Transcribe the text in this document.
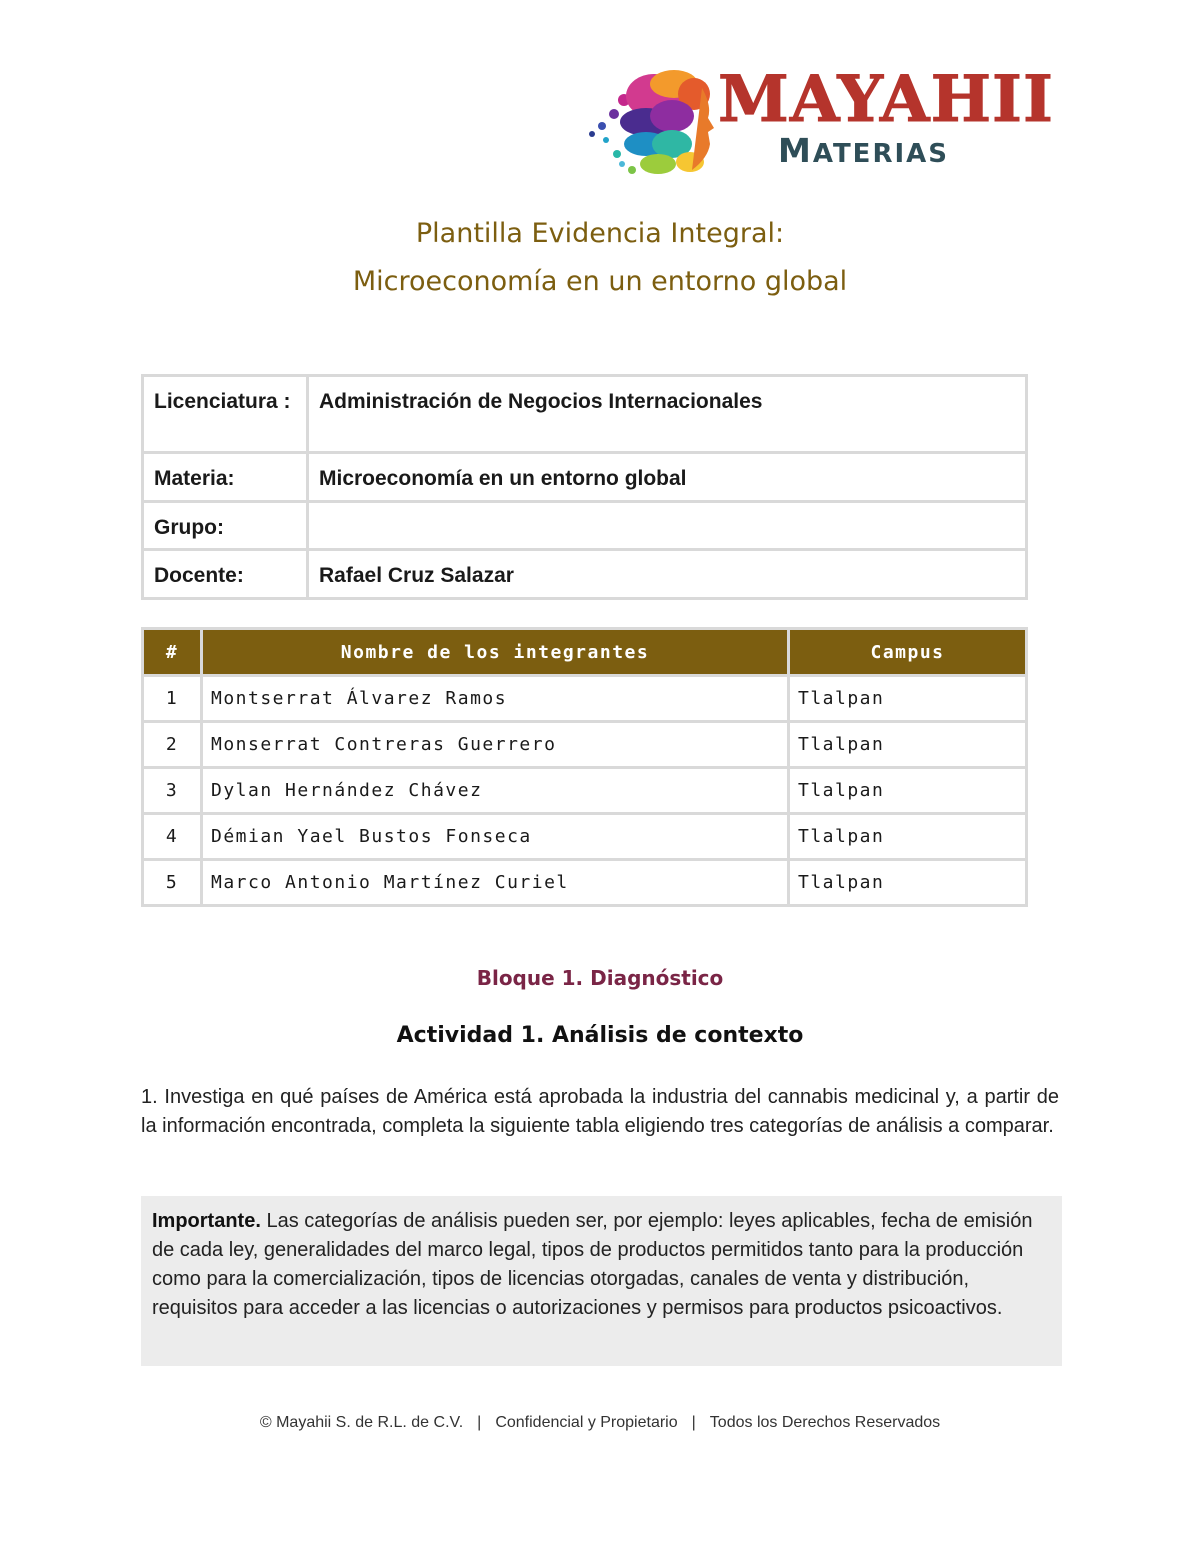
MAYAHII
MATERIAS
Plantilla Evidencia Integral:
Microeconomía en un entorno global
Licenciatura :	Administración de Negocios Internacionales
Materia:	Microeconomía en un entorno global
Grupo:	
Docente:	Rafael Cruz Salazar
#	Nombre de los integrantes	Campus
1	Montserrat Álvarez Ramos	Tlalpan
2	Monserrat Contreras Guerrero	Tlalpan
3	Dylan Hernández Chávez	Tlalpan
4	Démian Yael Bustos Fonseca	Tlalpan
5	Marco Antonio Martínez Curiel	Tlalpan
Bloque 1. Diagnóstico
Actividad 1. Análisis de contexto
1. Investiga en qué países de América está aprobada la industria del cannabis medicinal y, a partir de la información encontrada, completa la siguiente tabla eligiendo tres categorías de análisis a comparar.
Importante. Las categorías de análisis pueden ser, por ejemplo: leyes aplicables, fecha de emisión de cada ley, generalidades del marco legal, tipos de productos permitidos tanto para la producción como para la comercialización, tipos de licencias otorgadas, canales de venta y distribución, requisitos para acceder a las licencias o autorizaciones y permisos para productos psicoactivos.
© Mayahii S. de R.L. de C.V. | Confidencial y Propietario | Todos los Derechos Reservados
